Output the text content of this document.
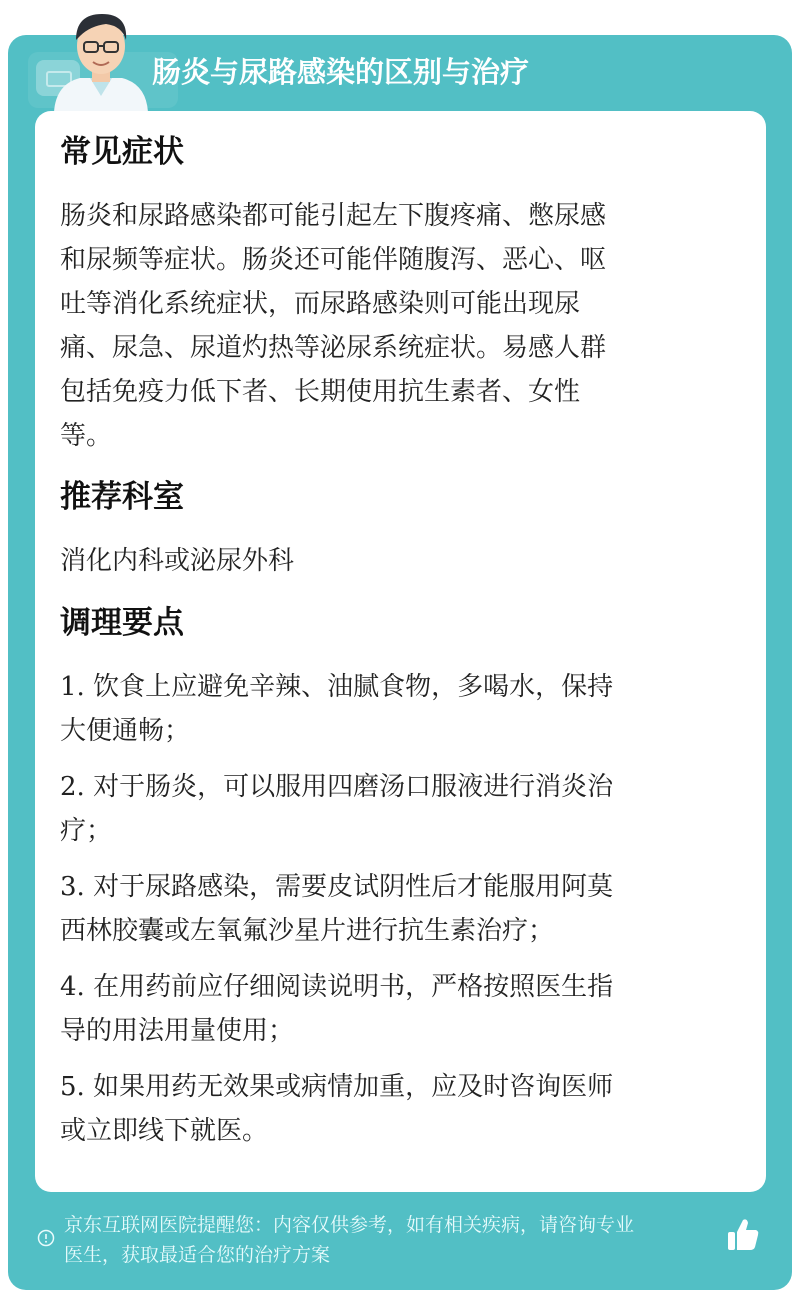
肠炎与尿路感染的区别与治疗
常见症状

肠炎和尿路感染都可能引起左下腹疼痛、憋尿感

和尿频等症状。肠炎还可能伴随腹泻、恶心、呕

吐等消化系统症状，而尿路感染则可能出现尿

痛、尿急、尿道灼热等泌尿系统症状。易感人群

包括免疫力低下者、长期使用抗生素者、女性

等。

推荐科室

消化内科或泌尿外科

调理要点

1. 饮食上应避免辛辣、油腻食物，多喝水，保持

大便通畅；

2. 对于肠炎，可以服用四磨汤口服液进行消炎治

疗；

3. 对于尿路感染，需要皮试阴性后才能服用阿莫

西林胶囊或左氧氟沙星片进行抗生素治疗；

4. 在用药前应仔细阅读说明书，严格按照医生指

导的用法用量使用；

5. 如果用药无效果或病情加重，应及时咨询医师

或立即线下就医。

京东互联网医院提醒您：内容仅供参考，如有相关疾病，请咨询专业
医生，获取最适合您的治疗方案
